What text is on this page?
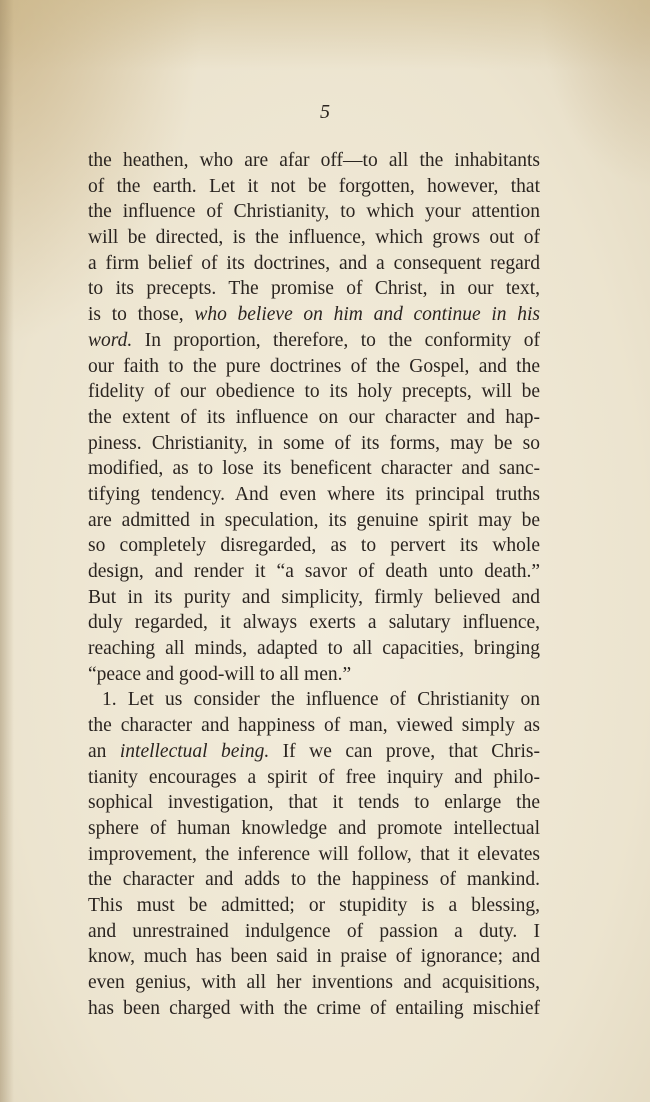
5
the heathen, who are afar off—to all the inhabitants
of the earth. Let it not be forgotten, however, that
the influence of Christianity, to which your attention
will be directed, is the influence, which grows out of
a firm belief of its doctrines, and a consequent regard
to its precepts. The promise of Christ, in our text,
is to those, who believe on him and continue in his
word. In proportion, therefore, to the conformity of
our faith to the pure doctrines of the Gospel, and the
fidelity of our obedience to its holy precepts, will be
the extent of its influence on our character and hap-
piness. Christianity, in some of its forms, may be so
modified, as to lose its beneficent character and sanc-
tifying tendency. And even where its principal truths
are admitted in speculation, its genuine spirit may be
so completely disregarded, as to pervert its whole
design, and render it “a savor of death unto death.”
But in its purity and simplicity, firmly believed and
duly regarded, it always exerts a salutary influence,
reaching all minds, adapted to all capacities, bringing
“peace and good-will to all men.”
1. Let us consider the influence of Christianity on
the character and happiness of man, viewed simply as
an intellectual being. If we can prove, that Chris-
tianity encourages a spirit of free inquiry and philo-
sophical investigation, that it tends to enlarge the
sphere of human knowledge and promote intellectual
improvement, the inference will follow, that it elevates
the character and adds to the happiness of mankind.
This must be admitted; or stupidity is a blessing,
and unrestrained indulgence of passion a duty. I
know, much has been said in praise of ignorance; and
even genius, with all her inventions and acquisitions,
has been charged with the crime of entailing mischief
